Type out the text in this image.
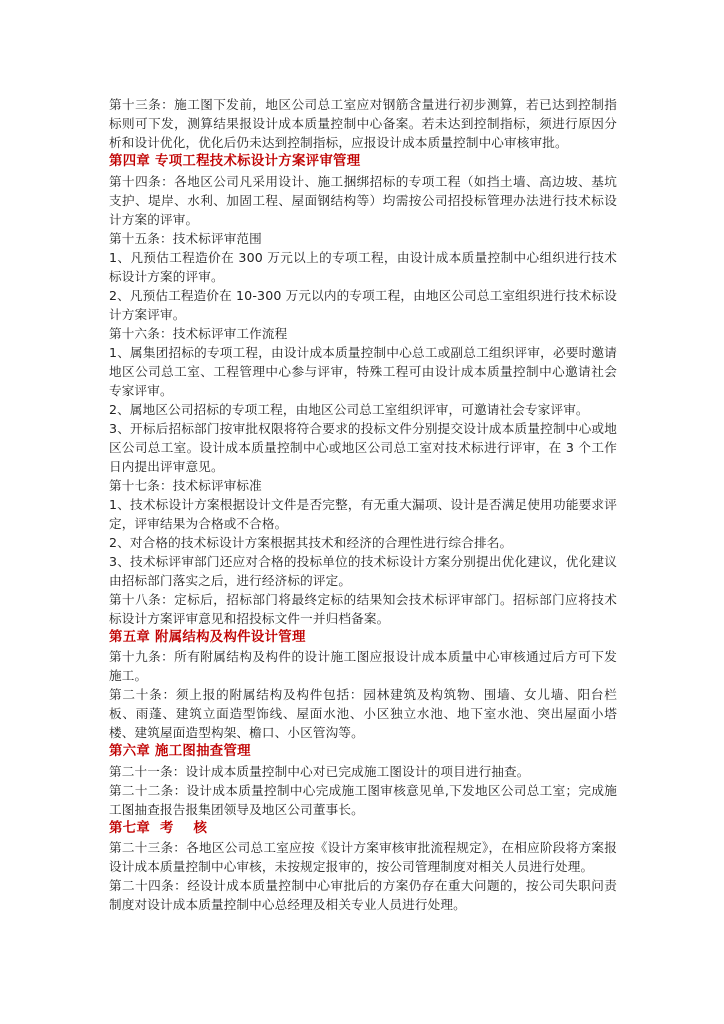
第十三条：施工图下发前，地区公司总工室应对钢筋含量进行初步测算，若已达到控制指标则可下发，测算结果报设计成本质量控制中心备案。若未达到控制指标，须进行原因分析和设计优化，优化后仍未达到控制指标，应报设计成本质量控制中心审核审批。

第四章 专项工程技术标设计方案评审管理

第十四条：各地区公司凡采用设计、施工捆绑招标的专项工程（如挡土墙、高边坡、基坑支护、堤岸、水利、加固工程、屋面钢结构等）均需按公司招投标管理办法进行技术标设计方案的评审。

第十五条：技术标评审范围

1、凡预估工程造价在 300 万元以上的专项工程，由设计成本质量控制中心组织进行技术标设计方案的评审。

2、凡预估工程造价在 10-300 万元以内的专项工程，由地区公司总工室组织进行技术标设计方案评审。

第十六条：技术标评审工作流程

1、属集团招标的专项工程，由设计成本质量控制中心总工或副总工组织评审，必要时邀请地区公司总工室、工程管理中心参与评审，特殊工程可由设计成本质量控制中心邀请社会专家评审。

2、属地区公司招标的专项工程，由地区公司总工室组织评审，可邀请社会专家评审。

3、开标后招标部门按审批权限将符合要求的投标文件分别提交设计成本质量控制中心或地区公司总工室。设计成本质量控制中心或地区公司总工室对技术标进行评审，在 3 个工作日内提出评审意见。

第十七条：技术标评审标准

1、技术标设计方案根据设计文件是否完整，有无重大漏项、设计是否满足使用功能要求评定，评审结果为合格或不合格。

2、对合格的技术标设计方案根据其技术和经济的合理性进行综合排名。

3、技术标评审部门还应对合格的投标单位的技术标设计方案分别提出优化建议，优化建议由招标部门落实之后，进行经济标的评定。

第十八条：定标后，招标部门将最终定标的结果知会技术标评审部门。招标部门应将技术标设计方案评审意见和招投标文件一并归档备案。

第五章 附属结构及构件设计管理

第十九条：所有附属结构及构件的设计施工图应报设计成本质量中心审核通过后方可下发施工。

第二十条：须上报的附属结构及构件包括：园林建筑及构筑物、围墙、女儿墙、阳台栏板、雨蓬、建筑立面造型饰线、屋面水池、小区独立水池、地下室水池、突出屋面小塔楼、建筑屋面造型构架、檐口、小区管沟等。

第六章 施工图抽查管理

第二十一条：设计成本质量控制中心对已完成施工图设计的项目进行抽查。

第二十二条：设计成本质量控制中心完成施工图审核意见单,下发地区公司总工室；完成施工图抽查报告报集团领导及地区公司董事长。

第七章  考    核

第二十三条：各地区公司总工室应按《设计方案审核审批流程规定》，在相应阶段将方案报设计成本质量控制中心审核，未按规定报审的，按公司管理制度对相关人员进行处理。

第二十四条：经设计成本质量控制中心审批后的方案仍存在重大问题的，按公司失职问责制度对设计成本质量控制中心总经理及相关专业人员进行处理。
